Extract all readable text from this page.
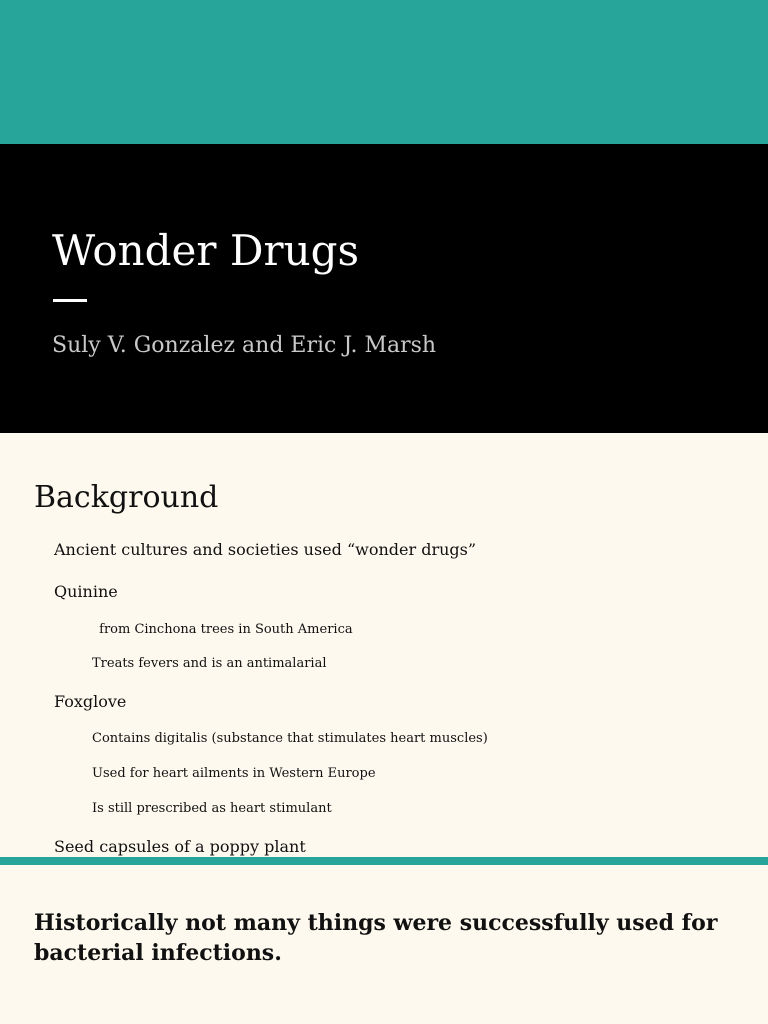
Wonder Drugs

Suly V. Gonzalez and Eric J. Marsh

Background

Ancient cultures and societies used “wonder drugs”

Quinine

from Cinchona trees in South America

Treats fevers and is an antimalarial

Foxglove

Contains digitalis (substance that stimulates heart muscles)

Used for heart ailments in Western Europe

Is still prescribed as heart stimulant

Seed capsules of a poppy plant

Historically not many things were successfully used for bacterial infections.
